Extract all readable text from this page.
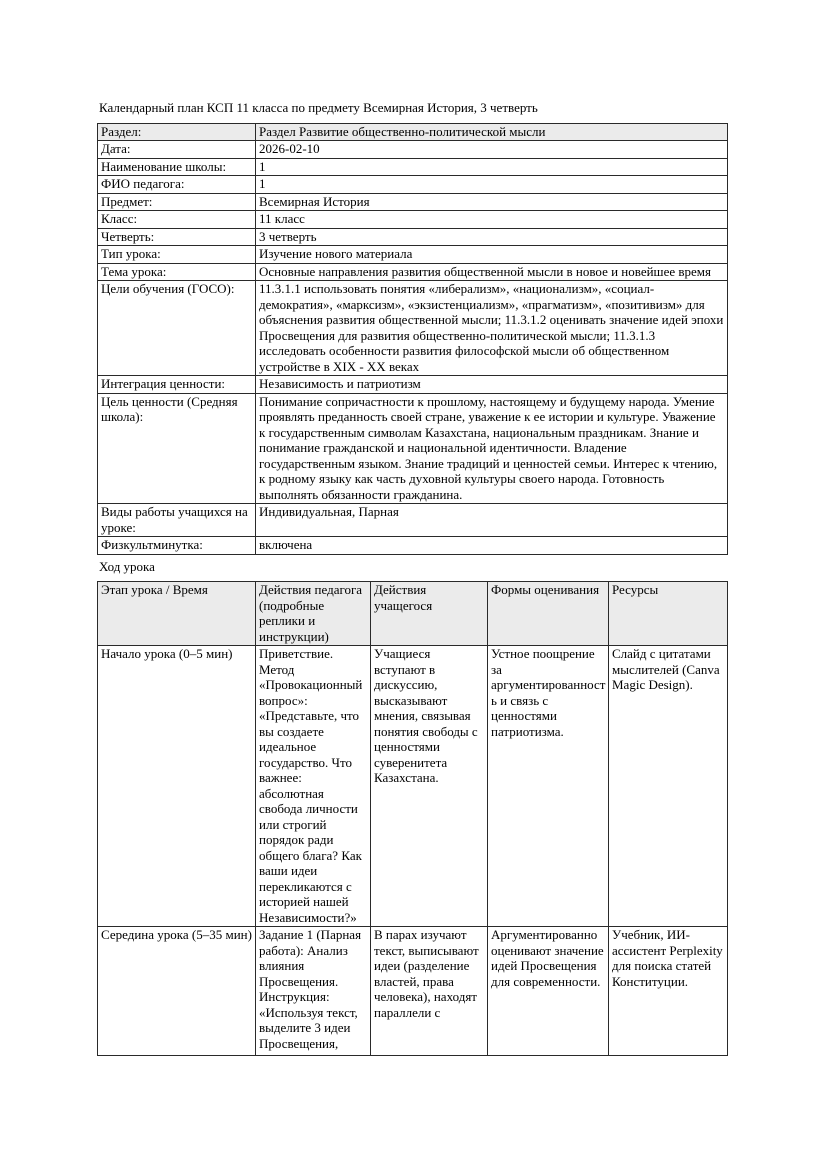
Календарный план КСП 11 класса по предмету Всемирная История, 3 четверть
Раздел:	Раздел Развитие общественно-политической мысли
Дата:	2026-02-10
Наименование школы:	1
ФИО педагога:	1
Предмет:	Всемирная История
Класс:	11 класс
Четверть:	3 четверть
Тип урока:	Изучение нового материала
Тема урока:	Основные направления развития общественной мысли в новое и новейшее время
Цели обучения (ГОСО):	11.3.1.1 использовать понятия «либерализм», «национализм», «социал-демократия», «марксизм», «экзистенциализм», «прагматизм», «позитивизм» для объяснения развития общественной мысли; 11.3.1.2 оценивать значение идей эпохи Просвещения для развития общественно-политической мысли; 11.3.1.3 исследовать особенности развития философской мысли об общественном устройстве в XIX - XX веках
Интеграция ценности:	Независимость и патриотизм
Цель ценности (Средняя школа):	Понимание сопричастности к прошлому, настоящему и будущему народа. Умение проявлять преданность своей стране, уважение к ее истории и культуре. Уважение к государственным символам Казахстана, национальным праздникам. Знание и понимание гражданской и национальной идентичности. Владение государственным языком. Знание традиций и ценностей семьи. Интерес к чтению, к родному языку как часть духовной культуры своего народа. Готовность выполнять обязанности гражданина.
Виды работы учащихся на уроке:	Индивидуальная, Парная
Физкультминутка:	включена
Ход урока
Этап урока / Время	Действия педагога (подробные реплики и инструкции)	Действия учащегося	Формы оценивания	Ресурсы
Начало урока (0–5 мин)	Приветствие. Метод «Провокационный вопрос»: «Представьте, что вы создаете идеальное государство. Что важнее: абсолютная свобода личности или строгий порядок ради общего блага? Как ваши идеи перекликаются с историей нашей Независимости?»	Учащиеся вступают в дискуссию, высказывают мнения, связывая понятия свободы с ценностями суверенитета Казахстана.	Устное поощрение за аргументированность и связь с ценностями патриотизма.	Слайд с цитатами мыслителей (Canva Magic Design).

Середина урока (5–35 мин)	Задание 1 (Парная работа): Анализ влияния Просвещения. Инструкция: «Используя текст, выделите 3 идеи Просвещения,	В парах изучают текст, выписывают идеи (разделение властей, права человека), находят параллели с	Аргументированно оценивают значение идей Просвещения для современности.	Учебник, ИИ-ассистент Perplexity для поиска статей Конституции.
